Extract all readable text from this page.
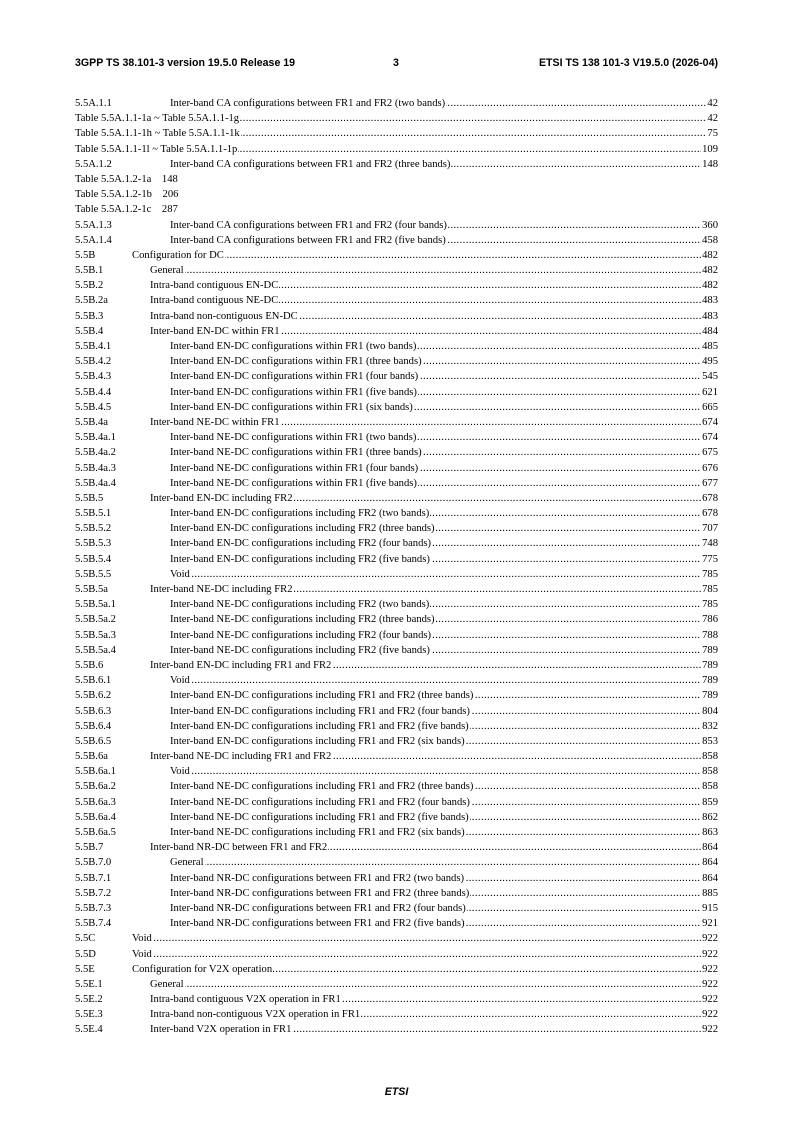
3GPP TS 38.101-3 version 19.5.0 Release 19	3	ETSI TS 138 101-3 V19.5.0 (2026-04)
5.5A.1.1 .....	Inter-band CA configurations between FR1 and FR2 (two bands)	42
.....
Table 5.5A.1.1-1a ~ Table 5.5A.1.1-1g	42
.....
Table 5.5A.1.1-1h ~ Table 5.5A.1.1-1k	75
.....
Table 5.5A.1.1-1l ~ Table 5.5A.1.1-1p	109
5.5A.1.2 .....	Inter-band CA configurations between FR1 and FR2 (three bands)	148
Table 5.5A.1.2-1a    148
Table 5.5A.1.2-1b    206
Table 5.5A.1.2-1c    287
5.5A.1.3 .....	Inter-band CA configurations between FR1 and FR2 (four bands)	360
5.5A.1.4 .....	Inter-band CA configurations between FR1 and FR2 (five bands)	458
5.5B .....	Configuration for DC	482
5.5B.1 .....	General	482
5.5B.2 .....	Intra-band contiguous EN-DC	482
5.5B.2a .....	Intra-band contiguous NE-DC	483
5.5B.3 .....	Intra-band non-contiguous EN-DC	483
5.5B.4 .....	Inter-band EN-DC within FR1	484
5.5B.4.1 .....	Inter-band EN-DC configurations within FR1 (two bands)	485
5.5B.4.2 .....	Inter-band EN-DC configurations within FR1 (three bands)	495
5.5B.4.3 .....	Inter-band EN-DC configurations within FR1 (four bands)	545
5.5B.4.4 .....	Inter-band EN-DC configurations within FR1 (five bands)	621
5.5B.4.5 .....	Inter-band EN-DC configurations within FR1 (six bands)	665
5.5B.4a .....	Inter-band NE-DC within FR1	674
5.5B.4a.1 .....	Inter-band NE-DC configurations within FR1 (two bands)	674
5.5B.4a.2 .....	Inter-band NE-DC configurations within FR1 (three bands)	675
5.5B.4a.3 .....	Inter-band NE-DC configurations within FR1 (four bands)	676
5.5B.4a.4 .....	Inter-band NE-DC configurations within FR1 (five bands)	677
5.5B.5 .....	Inter-band EN-DC including FR2	678
5.5B.5.1 .....	Inter-band EN-DC configurations including FR2 (two bands)	678
5.5B.5.2 .....	Inter-band EN-DC configurations including FR2 (three bands)	707
5.5B.5.3 .....	Inter-band EN-DC configurations including FR2 (four bands)	748
5.5B.5.4 .....	Inter-band EN-DC configurations including FR2 (five bands)	775
5.5B.5.5 .....	Void	785
5.5B.5a .....	Inter-band NE-DC including FR2	785
5.5B.5a.1 .....	Inter-band NE-DC configurations including FR2 (two bands)	785
5.5B.5a.2 .....	Inter-band NE-DC configurations including FR2 (three bands)	786
5.5B.5a.3 .....	Inter-band NE-DC configurations including FR2 (four bands)	788
5.5B.5a.4 .....	Inter-band NE-DC configurations including FR2 (five bands)	789
5.5B.6 .....	Inter-band EN-DC including FR1 and FR2	789
5.5B.6.1 .....	Void	789
5.5B.6.2 .....	Inter-band EN-DC configurations including FR1 and FR2 (three bands)	789
5.5B.6.3 .....	Inter-band EN-DC configurations including FR1 and FR2 (four bands)	804
5.5B.6.4 .....	Inter-band EN-DC configurations including FR1 and FR2 (five bands)	832
5.5B.6.5 .....	Inter-band EN-DC configurations including FR1 and FR2 (six bands)	853
5.5B.6a .....	Inter-band NE-DC including FR1 and FR2	858
5.5B.6a.1 .....	Void	858
5.5B.6a.2 .....	Inter-band NE-DC configurations including FR1 and FR2 (three bands)	858
5.5B.6a.3 .....	Inter-band NE-DC configurations including FR1 and FR2 (four bands)	859
5.5B.6a.4 .....	Inter-band NE-DC configurations including FR1 and FR2 (five bands)	862
5.5B.6a.5 .....	Inter-band NE-DC configurations including FR1 and FR2 (six bands)	863
5.5B.7 .....	Inter-band NR-DC between FR1 and FR2	864
5.5B.7.0 .....	General	864
5.5B.7.1 .....	Inter-band NR-DC configurations between FR1 and FR2 (two bands)	864
5.5B.7.2 .....	Inter-band NR-DC configurations between FR1 and FR2 (three bands)	885
5.5B.7.3 .....	Inter-band NR-DC configurations between FR1 and FR2 (four bands)	915
5.5B.7.4 .....	Inter-band NR-DC configurations between FR1 and FR2 (five bands)	921
5.5C .....	Void	922
5.5D .....	Void	922
5.5E .....	Configuration for V2X operation	922
5.5E.1 .....	General	922
5.5E.2 .....	Intra-band contiguous V2X operation in FR1	922
5.5E.3 .....	Intra-band non-contiguous V2X operation in FR1	922
5.5E.4 .....	Inter-band V2X operation in FR1	922
ETSI
